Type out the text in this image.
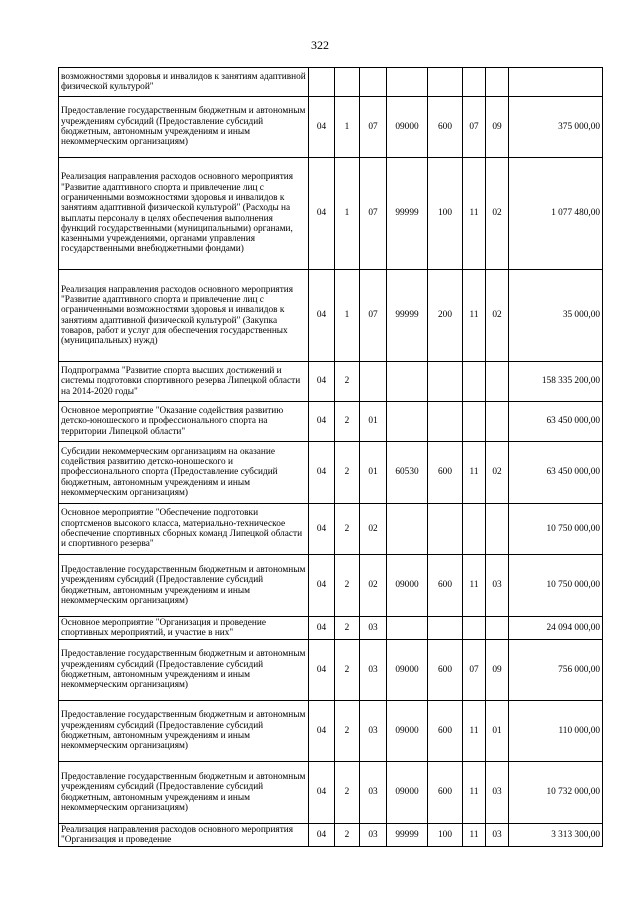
322
возможностями здоровья и инвалидов к занятиям адаптивной физической культурой"								
Предоставление государственным бюджетным и автономным учреждениям субсидий (Предоставление субсидий бюджетным, автономным учреждениям и иным некоммерческим организациям)	04	1	07	09000	600	07	09	375 000,00
Реализация направления расходов основного мероприятия "Развитие адаптивного спорта и привлечение лиц с ограниченными возможностями здоровья и инвалидов к занятиям адаптивной физической культурой" (Расходы на выплаты персоналу в целях обеспечения выполнения функций государственными (муниципальными) органами, казенными учреждениями, органами управления государственными внебюджетными фондами)	04	1	07	99999	100	11	02	1 077 480,00
Реализация направления расходов основного мероприятия "Развитие адаптивного спорта и привлечение лиц с ограниченными возможностями здоровья и инвалидов к занятиям адаптивной физической культурой" (Закупка товаров, работ и услуг для обеспечения государственных (муниципальных) нужд)	04	1	07	99999	200	11	02	35 000,00
Подпрограмма "Развитие спорта высших достижений и системы подготовки спортивного резерва Липецкой области на 2014-2020 годы"	04	2						158 335 200,00
Основное мероприятие "Оказание содействия развитию детско-юношеского и профессионального спорта на территории Липецкой области"	04	2	01					63 450 000,00
Субсидии некоммерческим организациям на оказание содействия развитию детско-юношеского и профессионального спорта (Предоставление субсидий бюджетным, автономным учреждениям и иным некоммерческим организациям)	04	2	01	60530	600	11	02	63 450 000,00
Основное мероприятие "Обеспечение подготовки спортсменов высокого класса, материально-техническое обеспечение спортивных сборных команд Липецкой области и спортивного резерва"	04	2	02					10 750 000,00
Предоставление государственным бюджетным и автономным учреждениям субсидий (Предоставление субсидий бюджетным, автономным учреждениям и иным некоммерческим организациям)	04	2	02	09000	600	11	03	10 750 000,00
Основное мероприятие "Организация и проведение спортивных мероприятий, и участие в них"	04	2	03					24 094 000,00
Предоставление государственным бюджетным и автономным учреждениям субсидий (Предоставление субсидий бюджетным, автономным учреждениям и иным некоммерческим организациям)	04	2	03	09000	600	07	09	756 000,00
Предоставление государственным бюджетным и автономным учреждениям субсидий (Предоставление субсидий бюджетным, автономным учреждениям и иным некоммерческим организациям)	04	2	03	09000	600	11	01	110 000,00
Предоставление государственным бюджетным и автономным учреждениям субсидий (Предоставление субсидий бюджетным, автономным учреждениям и иным некоммерческим организациям)	04	2	03	09000	600	11	03	10 732 000,00
Реализация направления расходов основного мероприятия "Организация и проведение	04	2	03	99999	100	11	03	3 313 300,00
